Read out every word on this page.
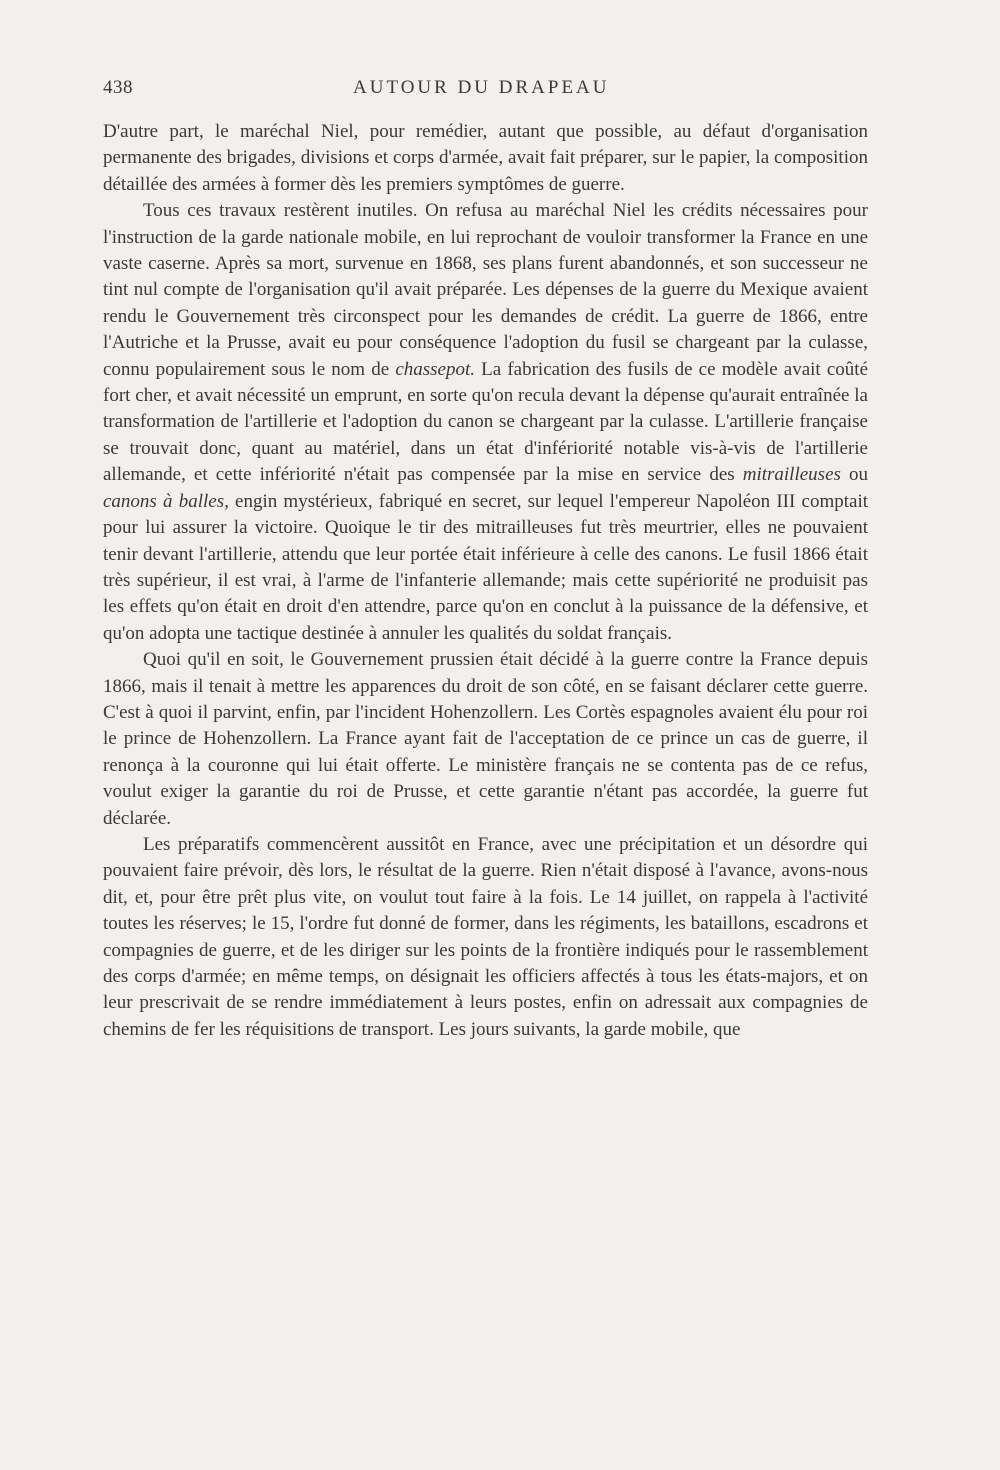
438	AUTOUR DU DRAPEAU

D'autre part, le maréchal Niel, pour remédier, autant que possible, au défaut d'organisation permanente des brigades, divisions et corps d'armée, avait fait préparer, sur le papier, la composition détaillée des armées à former dès les premiers symptômes de guerre.

Tous ces travaux restèrent inutiles. On refusa au maréchal Niel les crédits nécessaires pour l'instruction de la garde nationale mobile, en lui reprochant de vouloir transformer la France en une vaste caserne. Après sa mort, survenue en 1868, ses plans furent abandonnés, et son successeur ne tint nul compte de l'organisation qu'il avait préparée. Les dépenses de la guerre du Mexique avaient rendu le Gouvernement très circonspect pour les demandes de crédit. La guerre de 1866, entre l'Autriche et la Prusse, avait eu pour conséquence l'adoption du fusil se chargeant par la culasse, connu populairement sous le nom de chassepot. La fabrication des fusils de ce modèle avait coûté fort cher, et avait nécessité un emprunt, en sorte qu'on recula devant la dépense qu'aurait entraînée la transformation de l'artillerie et l'adoption du canon se chargeant par la culasse. L'artillerie française se trouvait donc, quant au matériel, dans un état d'infériorité notable vis-à-vis de l'artillerie allemande, et cette infériorité n'était pas compensée par la mise en service des mitrailleuses ou canons à balles, engin mystérieux, fabriqué en secret, sur lequel l'empereur Napoléon III comptait pour lui assurer la victoire. Quoique le tir des mitrailleuses fut très meurtrier, elles ne pouvaient tenir devant l'artillerie, attendu que leur portée était inférieure à celle des canons. Le fusil 1866 était très supérieur, il est vrai, à l'arme de l'infanterie allemande; mais cette supériorité ne produisit pas les effets qu'on était en droit d'en attendre, parce qu'on en conclut à la puissance de la défensive, et qu'on adopta une tactique destinée à annuler les qualités du soldat français.

Quoi qu'il en soit, le Gouvernement prussien était décidé à la guerre contre la France depuis 1866, mais il tenait à mettre les apparences du droit de son côté, en se faisant déclarer cette guerre. C'est à quoi il parvint, enfin, par l'incident Hohenzollern. Les Cortès espagnoles avaient élu pour roi le prince de Hohenzollern. La France ayant fait de l'acceptation de ce prince un cas de guerre, il renonça à la couronne qui lui était offerte. Le ministère français ne se contenta pas de ce refus, voulut exiger la garantie du roi de Prusse, et cette garantie n'étant pas accordée, la guerre fut déclarée.

Les préparatifs commencèrent aussitôt en France, avec une précipitation et un désordre qui pouvaient faire prévoir, dès lors, le résultat de la guerre. Rien n'était disposé à l'avance, avons-nous dit, et, pour être prêt plus vite, on voulut tout faire à la fois. Le 14 juillet, on rappela à l'activité toutes les réserves; le 15, l'ordre fut donné de former, dans les régiments, les bataillons, escadrons et compagnies de guerre, et de les diriger sur les points de la frontière indiqués pour le rassemblement des corps d'armée; en même temps, on désignait les officiers affectés à tous les états-majors, et on leur prescrivait de se rendre immédiatement à leurs postes, enfin on adressait aux compagnies de chemins de fer les réquisitions de transport. Les jours suivants, la garde mobile, que
